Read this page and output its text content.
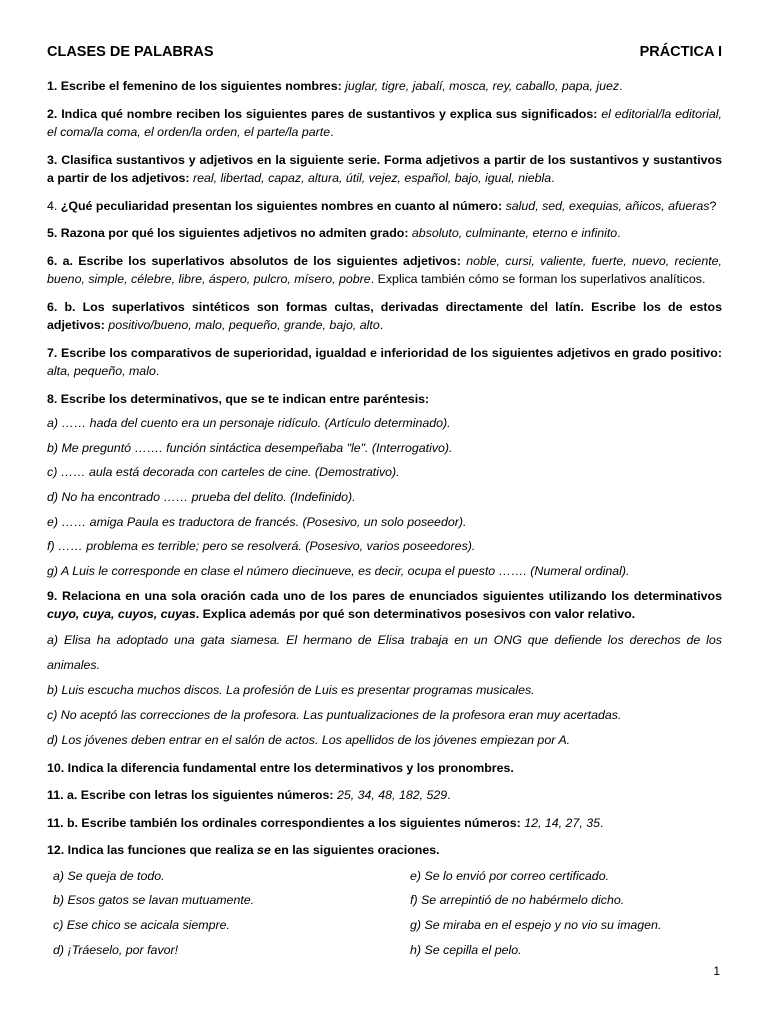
CLASES DE PALABRAS	PRÁCTICA I

1. Escribe el femenino de los siguientes nombres: juglar, tigre, jabalí, mosca, rey, caballo, papa, juez.

2. Indica qué nombre reciben los siguientes pares de sustantivos y explica sus significados: el editorial/la editorial, el coma/la coma, el orden/la orden, el parte/la parte.

3. Clasifica sustantivos y adjetivos en la siguiente serie. Forma adjetivos a partir de los sustantivos y sustantivos a partir de los adjetivos: real, libertad, capaz, altura, útil, vejez, español, bajo, igual, niebla.

4. ¿Qué peculiaridad presentan los siguientes nombres en cuanto al número: salud, sed, exequias, añicos, afueras?

5. Razona por qué los siguientes adjetivos no admiten grado: absoluto, culminante, eterno e infinito.

6. a. Escribe los superlativos absolutos de los siguientes adjetivos: noble, cursi, valiente, fuerte, nuevo, reciente, bueno, simple, célebre, libre, áspero, pulcro, mísero, pobre. Explica también cómo se forman los superlativos analíticos.

6. b. Los superlativos sintéticos son formas cultas, derivadas directamente del latín. Escribe los de estos adjetivos: positivo/bueno, malo, pequeño, grande, bajo, alto.

7. Escribe los comparativos de superioridad, igualdad e inferioridad de los siguientes adjetivos en grado positivo: alta, pequeño, malo.

8. Escribe los determinativos, que se te indican entre paréntesis:

a) …… hada del cuento era un personaje ridículo. (Artículo determinado).
b) Me preguntó ……. función sintáctica desempeñaba "le". (Interrogativo).
c) …… aula está decorada con carteles de cine. (Demostrativo).
d) No ha encontrado …… prueba del delito. (Indefinido).
e) …… amiga Paula es traductora de francés. (Posesivo, un solo poseedor).
f) …… problema es terrible; pero se resolverá. (Posesivo, varios poseedores).
g) A Luis le corresponde en clase el número diecinueve, es decir, ocupa el puesto ……. (Numeral ordinal).

9. Relaciona en una sola oración cada uno de los pares de enunciados siguientes utilizando los determinativos cuyo, cuya, cuyos, cuyas. Explica además por qué son determinativos posesivos con valor relativo.

a) Elisa ha adoptado una gata siamesa. El hermano de Elisa trabaja en un ONG que defiende los derechos de los animales.
b) Luis escucha muchos discos. La profesión de Luis es presentar programas musicales.
c) No aceptó las correcciones de la profesora. Las puntualizaciones de la profesora eran muy acertadas.
d) Los jóvenes deben entrar en el salón de actos. Los apellidos de los jóvenes empiezan por A.

10. Indica la diferencia fundamental entre los determinativos y los pronombres.

11. a. Escribe con letras los siguientes números: 25, 34, 48, 182, 529.

11. b. Escribe también los ordinales correspondientes a los siguientes números: 12, 14, 27, 35.

12. Indica las funciones que realiza se en las siguientes oraciones.

a) Se queja de todo.	e) Se lo envió por correo certificado.
b) Esos gatos se lavan mutuamente.	f) Se arrepintió de no habérmelo dicho.
c) Ese chico se acicala siempre.	g) Se miraba en el espejo y no vio su imagen.
d) ¡Tráeselo, por favor!	h) Se cepilla el pelo.
1
